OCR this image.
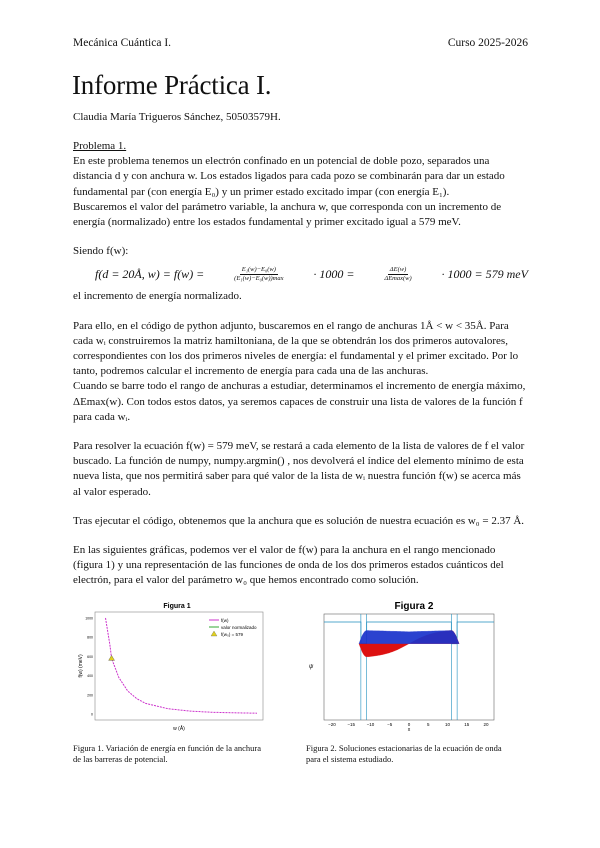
Mecánica Cuántica I.	Curso 2025-2026
Informe Práctica I.
Claudia María Trigueros Sánchez, 50503579H.

Problema 1.

En este problema tenemos un electrón confinado en un potencial de doble pozo, separados una distancia d y con anchura w. Los estados ligados para cada pozo se combinarán para dar un estado fundamental par (con energía E₀) y un primer estado excitado impar (con energía E₁).

Buscaremos el valor del parámetro variable, la anchura w, que corresponda con un incremento de energía (normalizado) entre los estados fundamental y primer excitado igual a 579 meV.

Siendo f(w):

f(d = 20Å, w) = f(w) =	$\frac{\text{E₁(w)−E₀(w)}}{\text{(E₁(w)−E₀(w))max}} \cdot 1000$ =	$\frac{\Delta E(w)}{\Delta Emax(w)} \cdot 1000 = 579$ meV

el incremento de energía normalizado.

Para ello, en el código de python adjunto, buscaremos en el rango de anchuras 1Å < w < 35Å. Para cada wᵢ construiremos la matriz hamiltoniana, de la que se obtendrán los dos primeros autovalores, correspondientes con los dos primeros niveles de energía: el fundamental y el primer excitado. Por lo tanto, podremos calcular el incremento de energía para cada una de las anchuras.

Cuando se barre todo el rango de anchuras a estudiar, determinamos el incremento de energía máximo, ΔEmax(w). Con todos estos datos, ya seremos capaces de construir una lista de valores de la función f para cada wᵢ.

Para resolver la ecuación f(w) = 579 meV, se restará a cada elemento de la lista de valores de f el valor buscado. La función de numpy, numpy.argmin() , nos devolverá el índice del elemento mínimo de esta nueva lista, que nos permitirá saber para qué valor de la lista de wᵢ nuestra función f(w) se acerca más al valor esperado.

Tras ejecutar el código, obtenemos que la anchura que es solución de nuestra ecuación es w₀ = 2.37 Å.

En las siguientes gráficas, podemos ver el valor de f(w) para la anchura en el rango mencionado (figura 1) y una representación de las funciones de onda de los dos primeros estados cuánticos del electrón, para el valor del parámetro w₀ que hemos encontrado como solución.

Figura 1
0
200
400
600
800
1000	f(w)
valor normalizado
f(w₀) = 579
f(w) (meV)
w (Å)
Figura 1. Variación de energía en función de la anchura de las barreras de potencial.
Figura 2
−20	−15	−10	−5	0	5	10	15	20
x
ψ
Figura 2. Soluciones estacionarias de la ecuación de onda para el sistema estudiado.
